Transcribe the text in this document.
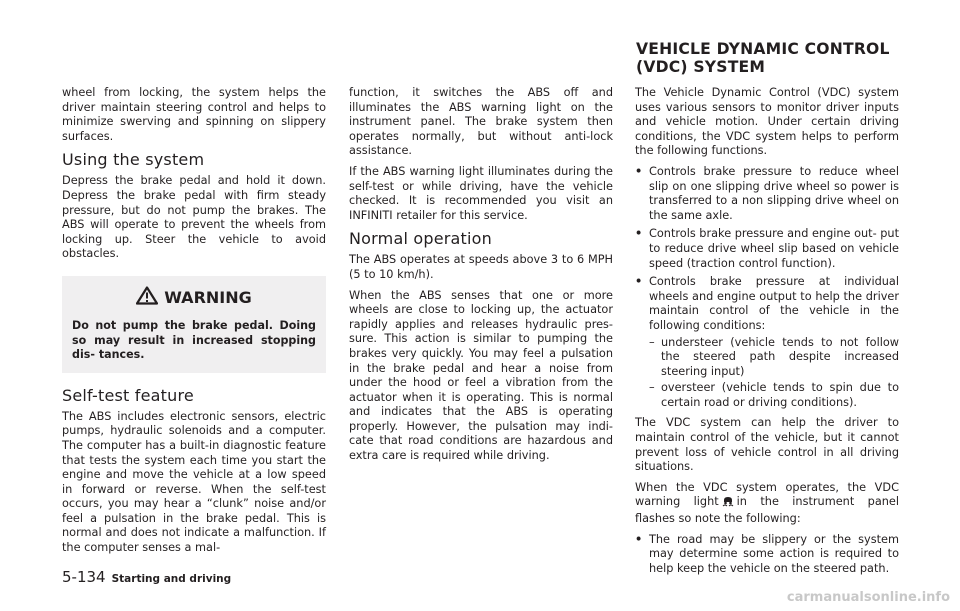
VEHICLE DYNAMIC CONTROL (VDC) SYSTEM

wheel from locking, the system helps the driver maintain steering control and helps to minimize swerving and spinning on slippery surfaces.

Using the system

Depress the brake pedal and hold it down. Depress the brake pedal with firm steady pressure, but do not pump the brakes. The ABS will operate to prevent the wheels from locking up. Steer the vehicle to avoid obstacles.

WARNING

Do not pump the brake pedal. Doing so may result in increased stopping dis- tances.

Self-test feature

The ABS includes electronic sensors, electric pumps, hydraulic solenoids and a computer. The computer has a built-in diagnostic feature that tests the system each time you start the engine and move the vehicle at a low speed in forward or reverse. When the self-test occurs, you may hear a “clunk” noise and/or feel a pulsation in the brake pedal. This is normal and does not indicate a malfunction. If the computer senses a mal-

function, it switches the ABS off and illuminates the ABS warning light on the instrument panel. The brake system then operates normally, but without anti-lock assistance.

If the ABS warning light illuminates during the self-test or while driving, have the vehicle checked. It is recommended you visit an INFINITI retailer for this service.

Normal operation

The ABS operates at speeds above 3 to 6 MPH (5 to 10 km/h).

When the ABS senses that one or more wheels are close to locking up, the actuator rapidly applies and releases hydraulic pres- sure. This action is similar to pumping the brakes very quickly. You may feel a pulsation in the brake pedal and hear a noise from under the hood or feel a vibration from the actuator when it is operating. This is normal and indicates that the ABS is operating properly. However, the pulsation may indi- cate that road conditions are hazardous and extra care is required while driving.

The Vehicle Dynamic Control (VDC) system uses various sensors to monitor driver inputs and vehicle motion. Under certain driving conditions, the VDC system helps to perform the following functions.

• Controls brake pressure to reduce wheel slip on one slipping drive wheel so power is transferred to a non slipping drive wheel on the same axle.
• Controls brake pressure and engine out- put to reduce drive wheel slip based on vehicle speed (traction control function).
• Controls brake pressure at individual wheels and engine output to help the driver maintain control of the vehicle in the following conditions:
– understeer (vehicle tends to not follow the steered path despite increased steering input)
– oversteer (vehicle tends to spin due to certain road or driving conditions).

The VDC system can help the driver to maintain control of the vehicle, but it cannot prevent loss of vehicle control in all driving situations.

When the VDC system operates, the VDC warning light in the instrument panel flashes so note the following:

• The road may be slippery or the system may determine some action is required to help keep the vehicle on the steered path.
5-134 Starting and driving
carmanualsonline.info
